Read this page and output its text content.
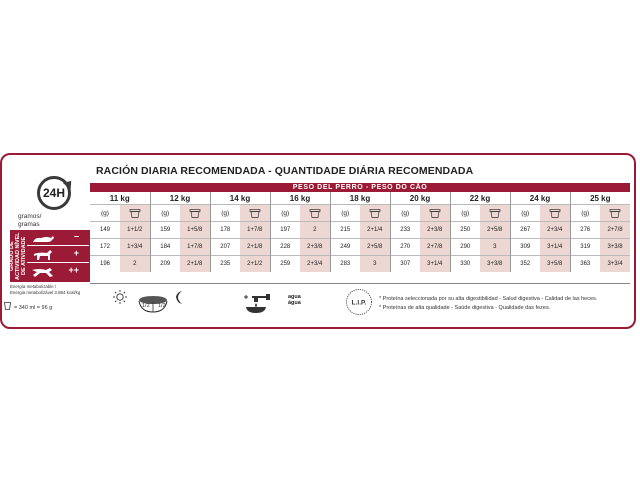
RACIÓN DIARIA RECOMENDADA - QUANTIDADE DIÁRIA RECOMENDADA
24H
gramos/
gramas
GRADO DE ACTIVIDAD NÍVEL DE ATIVIDADE
–
+
++
Energía metabolizable /
Energia metabolizável 3.884 kcal/kg
= 340 ml = 96 g
PESO DEL PERRO - PESO DO CÃO																	
11 kg		12 kg		14 kg		16 kg		18 kg		20 kg		22 kg		24 kg		25 kg	
(g)		(g)		(g)		(g)		(g)		(g)		(g)		(g)		(g)	
149	1+1/2	159	1+5/8	178	1+7/8	197	2	215	2+1/4	233	2+3/8	250	2+5/8	267	2+3/4	276	2+7/8
172	1+3/4	184	1+7/8	207	2+1/8	228	2+3/8	249	2+5/8	270	2+7/8	290	3	309	3+1/4	319	3+3/8
196	2	209	2+1/8	235	2+1/2	259	2+3/4	283	3	307	3+1/4	330	3+3/8	352	3+5/8	363	3+3/4
1/2 1/2
agua
água	L.I.P.
* Proteína seleccionada por su alta digestibilidad - Salud digestiva - Calidad de las heces.
* Proteínas de alta qualidade - Saúde digestiva - Qualidade das fezes.
